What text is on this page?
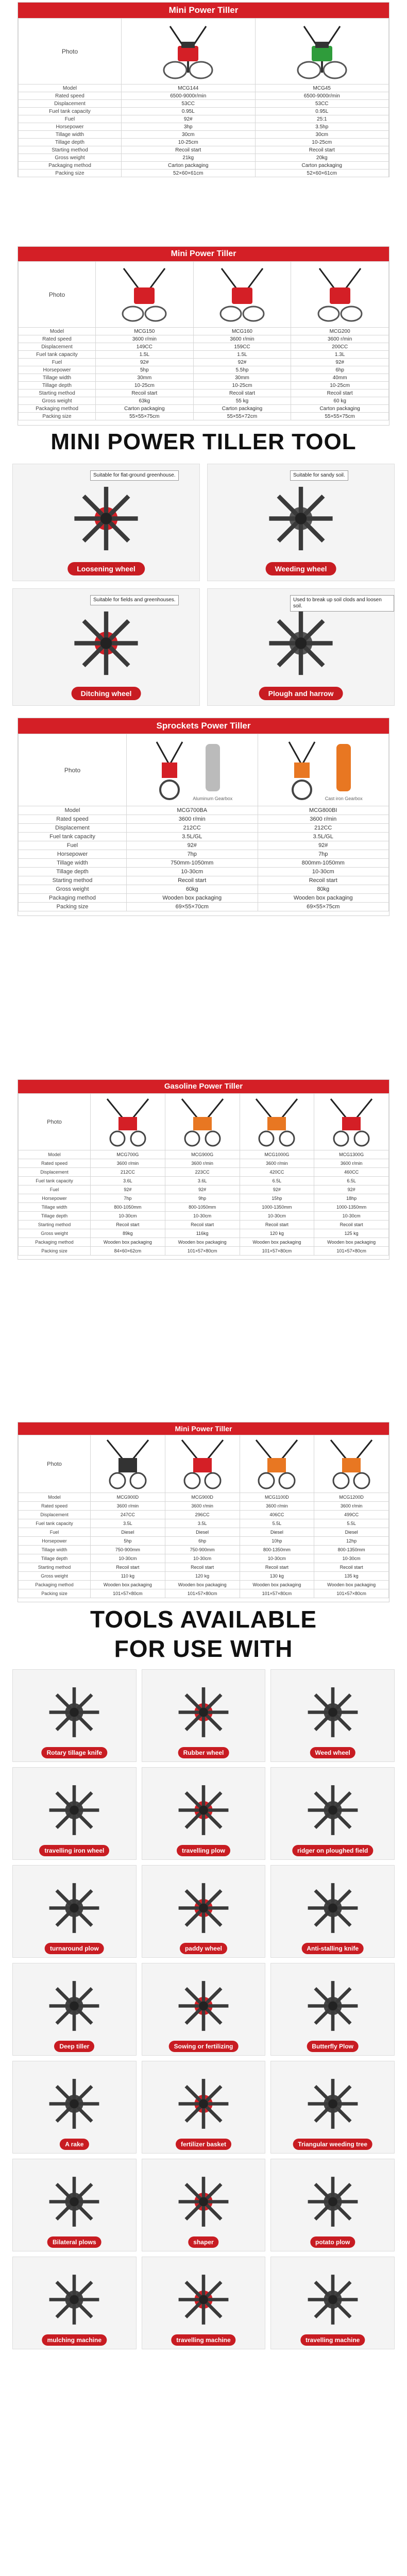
Mini Power Tiller
Photo	

Model	MCG144	MCG45
Rated speed	6500-9000r/min	6500-9000r/min
Displacement	53CC	53CC
Fuel tank capacity	0.95L	0.95L
Fuel	92#	25:1
Horsepower	3hp	3.5hp
Tillage width	30cm	30cm
Tillage depth	10-25cm	10-25cm
Starting method	Recoil start	Recoil start
Gross weight	21kg	20kg
Packaging method	Carton packaging	Carton packaging
Packing size	52×60×61cm	52×60×61cm
Mini Power Tiller
Photo	

Model	MCG150	MCG160	MCG200
Rated speed	3600 r/min	3600 r/min	3600 r/min
Displacement	149CC	159CC	200CC
Fuel tank capacity	1.5L	1.5L	1.3L
Fuel	92#	92#	92#
Horsepower	5hp	5.5hp	6hp
Tillage width	30mm	30mm	40mm
Tillage depth	10-25cm	10-25cm	10-25cm
Starting method	Recoil start	Recoil start	Recoil start
Gross weight	63kg	55 kg	60 kg
Packaging method	Carton packaging	Carton packaging	Carton packaging
Packing size	55×55×75cm	55×55×72cm	55×55×75cm
MINI POWER TILLER TOOL
Suitable for flat-ground greenhouse.
Loosening wheel
Suitable for sandy soil.
Weeding wheel
Suitable for fields and greenhouses.
Ditching wheel
Used to break up soil clods and loosen soil.
Plough and harrow
Sprockets Power Tiller
Photo	Aluminum Gearbox	Cast iron Gearbox

Model	MCG700BA	MCG800BI
Rated speed	3600 r/min	3600 r/min
Displacement	212CC	212CC
Fuel tank capacity	3.5L/GL	3.5L/GL
Fuel	92#	92#
Horsepower	7hp	7hp
Tillage width	750mm-1050mm	800mm-1050mm
Tillage depth	10-30cm	10-30cm
Starting method	Recoil start	Recoil start
Gross weight	60kg	80kg
Packaging method	Wooden box packaging	Wooden box packaging
Packing size	69×55×70cm	69×55×75cm
Gasoline Power Tiller
Photo	

Model	MCG700G	MCG900G	MCG1000G	MCG1300G
Rated speed	3600 r/min	3600 r/min	3600 r/min	3600 r/min
Displacement	212CC	223CC	420CC	460CC
Fuel tank capacity	3.6L	3.6L	6.5L	6.5L
Fuel	92#	92#	92#	92#
Horsepower	7hp	9hp	15hp	18hp
Tillage width	800-1050mm	800-1050mm	1000-1350mm	1000-1350mm
Tillage depth	10-30cm	10-30cm	10-30cm	10-30cm
Starting method	Recoil start	Recoil start	Recoil start	Recoil start
Gross weight	89kg	116kg	120 kg	125 kg
Packaging method	Wooden box packaging	Wooden box packaging	Wooden box packaging	Wooden box packaging
Packing size	84×60×62cm	101×57×80cm	101×57×80cm	101×57×80cm
Mini Power Tiller
Photo	

Model	MCG900D	MCG900D	MCG1100D	MCG1200D
Rated speed	3600 r/min	3600 r/min	3600 r/min	3600 r/min
Displacement	247CC	296CC	406CC	499CC
Fuel tank capacity	3.5L	3.5L	5.5L	5.5L
Fuel	Diesel	Diesel	Diesel	Diesel
Horsepower	5hp	6hp	10hp	12hp
Tillage width	750-900mm	750-900mm	800-1350mm	800-1350mm
Tillage depth	10-30cm	10-30cm	10-30cm	10-30cm
Starting method	Recoil start	Recoil start	Recoil start	Recoil start
Gross weight	110 kg	120 kg	130 kg	135 kg
Packaging method	Wooden box packaging	Wooden box packaging	Wooden box packaging	Wooden box packaging
Packing size	101×57×80cm	101×57×80cm	101×57×80cm	101×57×80cm
TOOLS AVAILABLE
FOR USE WITH
Rotary tillage knife	Rubber wheel	Weed wheel
travelling iron wheel	travelling plow	ridger on ploughed field
turnaround plow	paddy wheel	Anti-stalling knife
Deep tiller	Sowing or fertilizing	Butterfly Plow
A rake	fertilizer basket	Triangular weeding tree
Bilateral plows	shaper	potato plow
mulching machine	travelling machine	travelling machine
